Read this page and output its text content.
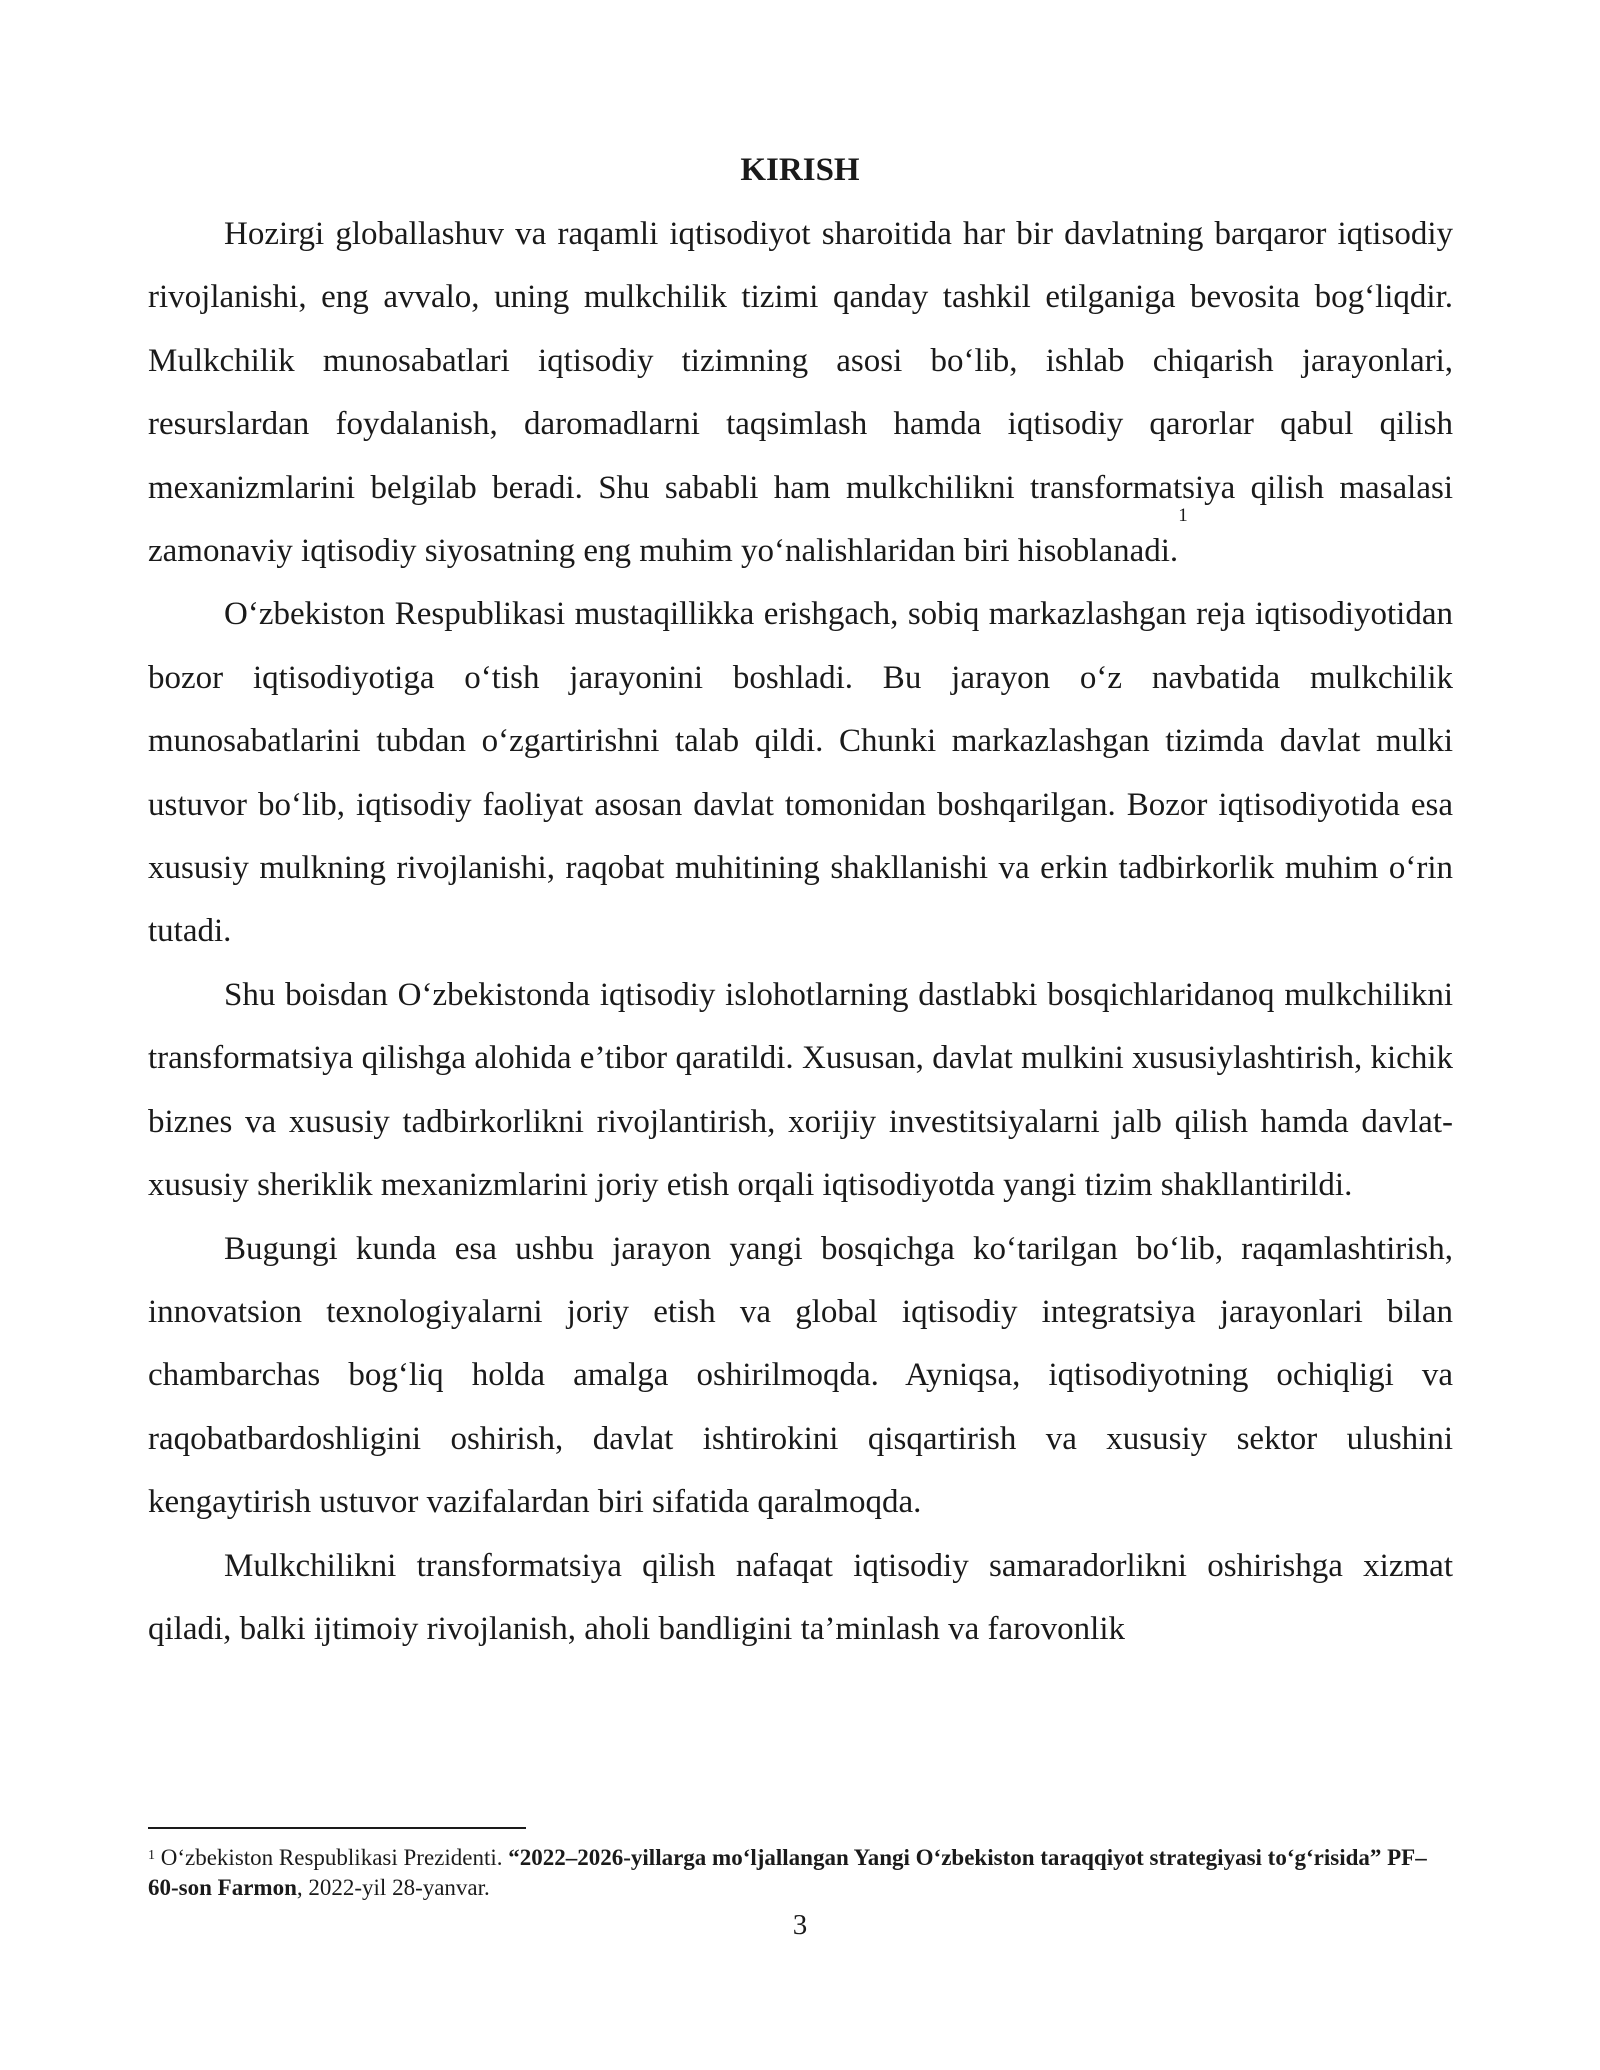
KIRISH

Hozirgi globallashuv va raqamli iqtisodiyot sharoitida har bir davlatning barqaror iqtisodiy rivojlanishi, eng avvalo, uning mulkchilik tizimi qanday tashkil etilganiga bevosita bog‘liqdir. Mulkchilik munosabatlari iqtisodiy tizimning asosi bo‘lib, ishlab chiqarish jarayonlari, resurslardan foydalanish, daromadlarni taqsimlash hamda iqtisodiy qarorlar qabul qilish mexanizmlarini belgilab beradi. Shu sababli ham mulkchilikni transformatsiya qilish masalasi zamonaviy iqtisodiy siyosatning eng muhim yo‘nalishlaridan biri hisoblanadi.$^1$

O‘zbekiston Respublikasi mustaqillikka erishgach, sobiq markazlashgan reja iqtisodiyotidan bozor iqtisodiyotiga o‘tish jarayonini boshladi. Bu jarayon o‘z navbatida mulkchilik munosabatlarini tubdan o‘zgartirishni talab qildi. Chunki markazlashgan tizimda davlat mulki ustuvor bo‘lib, iqtisodiy faoliyat asosan davlat tomonidan boshqarilgan. Bozor iqtisodiyotida esa xususiy mulkning rivojlanishi, raqobat muhitining shakllanishi va erkin tadbirkorlik muhim o‘rin tutadi.

Shu boisdan O‘zbekistonda iqtisodiy islohotlarning dastlabki bosqichlaridanoq mulkchilikni transformatsiya qilishga alohida e’tibor qaratildi. Xususan, davlat mulkini xususiylashtirish, kichik biznes va xususiy tadbirkorlikni rivojlantirish, xorijiy investitsiyalarni jalb qilish hamda davlat-xususiy sheriklik mexanizmlarini joriy etish orqali iqtisodiyotda yangi tizim shakllantirildi.

Bugungi kunda esa ushbu jarayon yangi bosqichga ko‘tarilgan bo‘lib, raqamlashtirish, innovatsion texnologiyalarni joriy etish va global iqtisodiy integratsiya jarayonlari bilan chambarchas bog‘liq holda amalga oshirilmoqda. Ayniqsa, iqtisodiyotning ochiqligi va raqobatbardoshligini oshirish, davlat ishtirokini qisqartirish va xususiy sektor ulushini kengaytirish ustuvor vazifalardan biri sifatida qaralmoqda.

Mulkchilikni transformatsiya qilish nafaqat iqtisodiy samaradorlikni oshirishga xizmat qiladi, balki ijtimoiy rivojlanish, aholi bandligini ta’minlash va farovonlik

$^1$ O‘zbekiston Respublikasi Prezidenti. “2022–2026-yillarga mo‘ljallangan Yangi O‘zbekiston taraqqiyot strategiyasi to‘g‘risida” PF–60-son Farmon, 2022-yil 28-yanvar.

3
